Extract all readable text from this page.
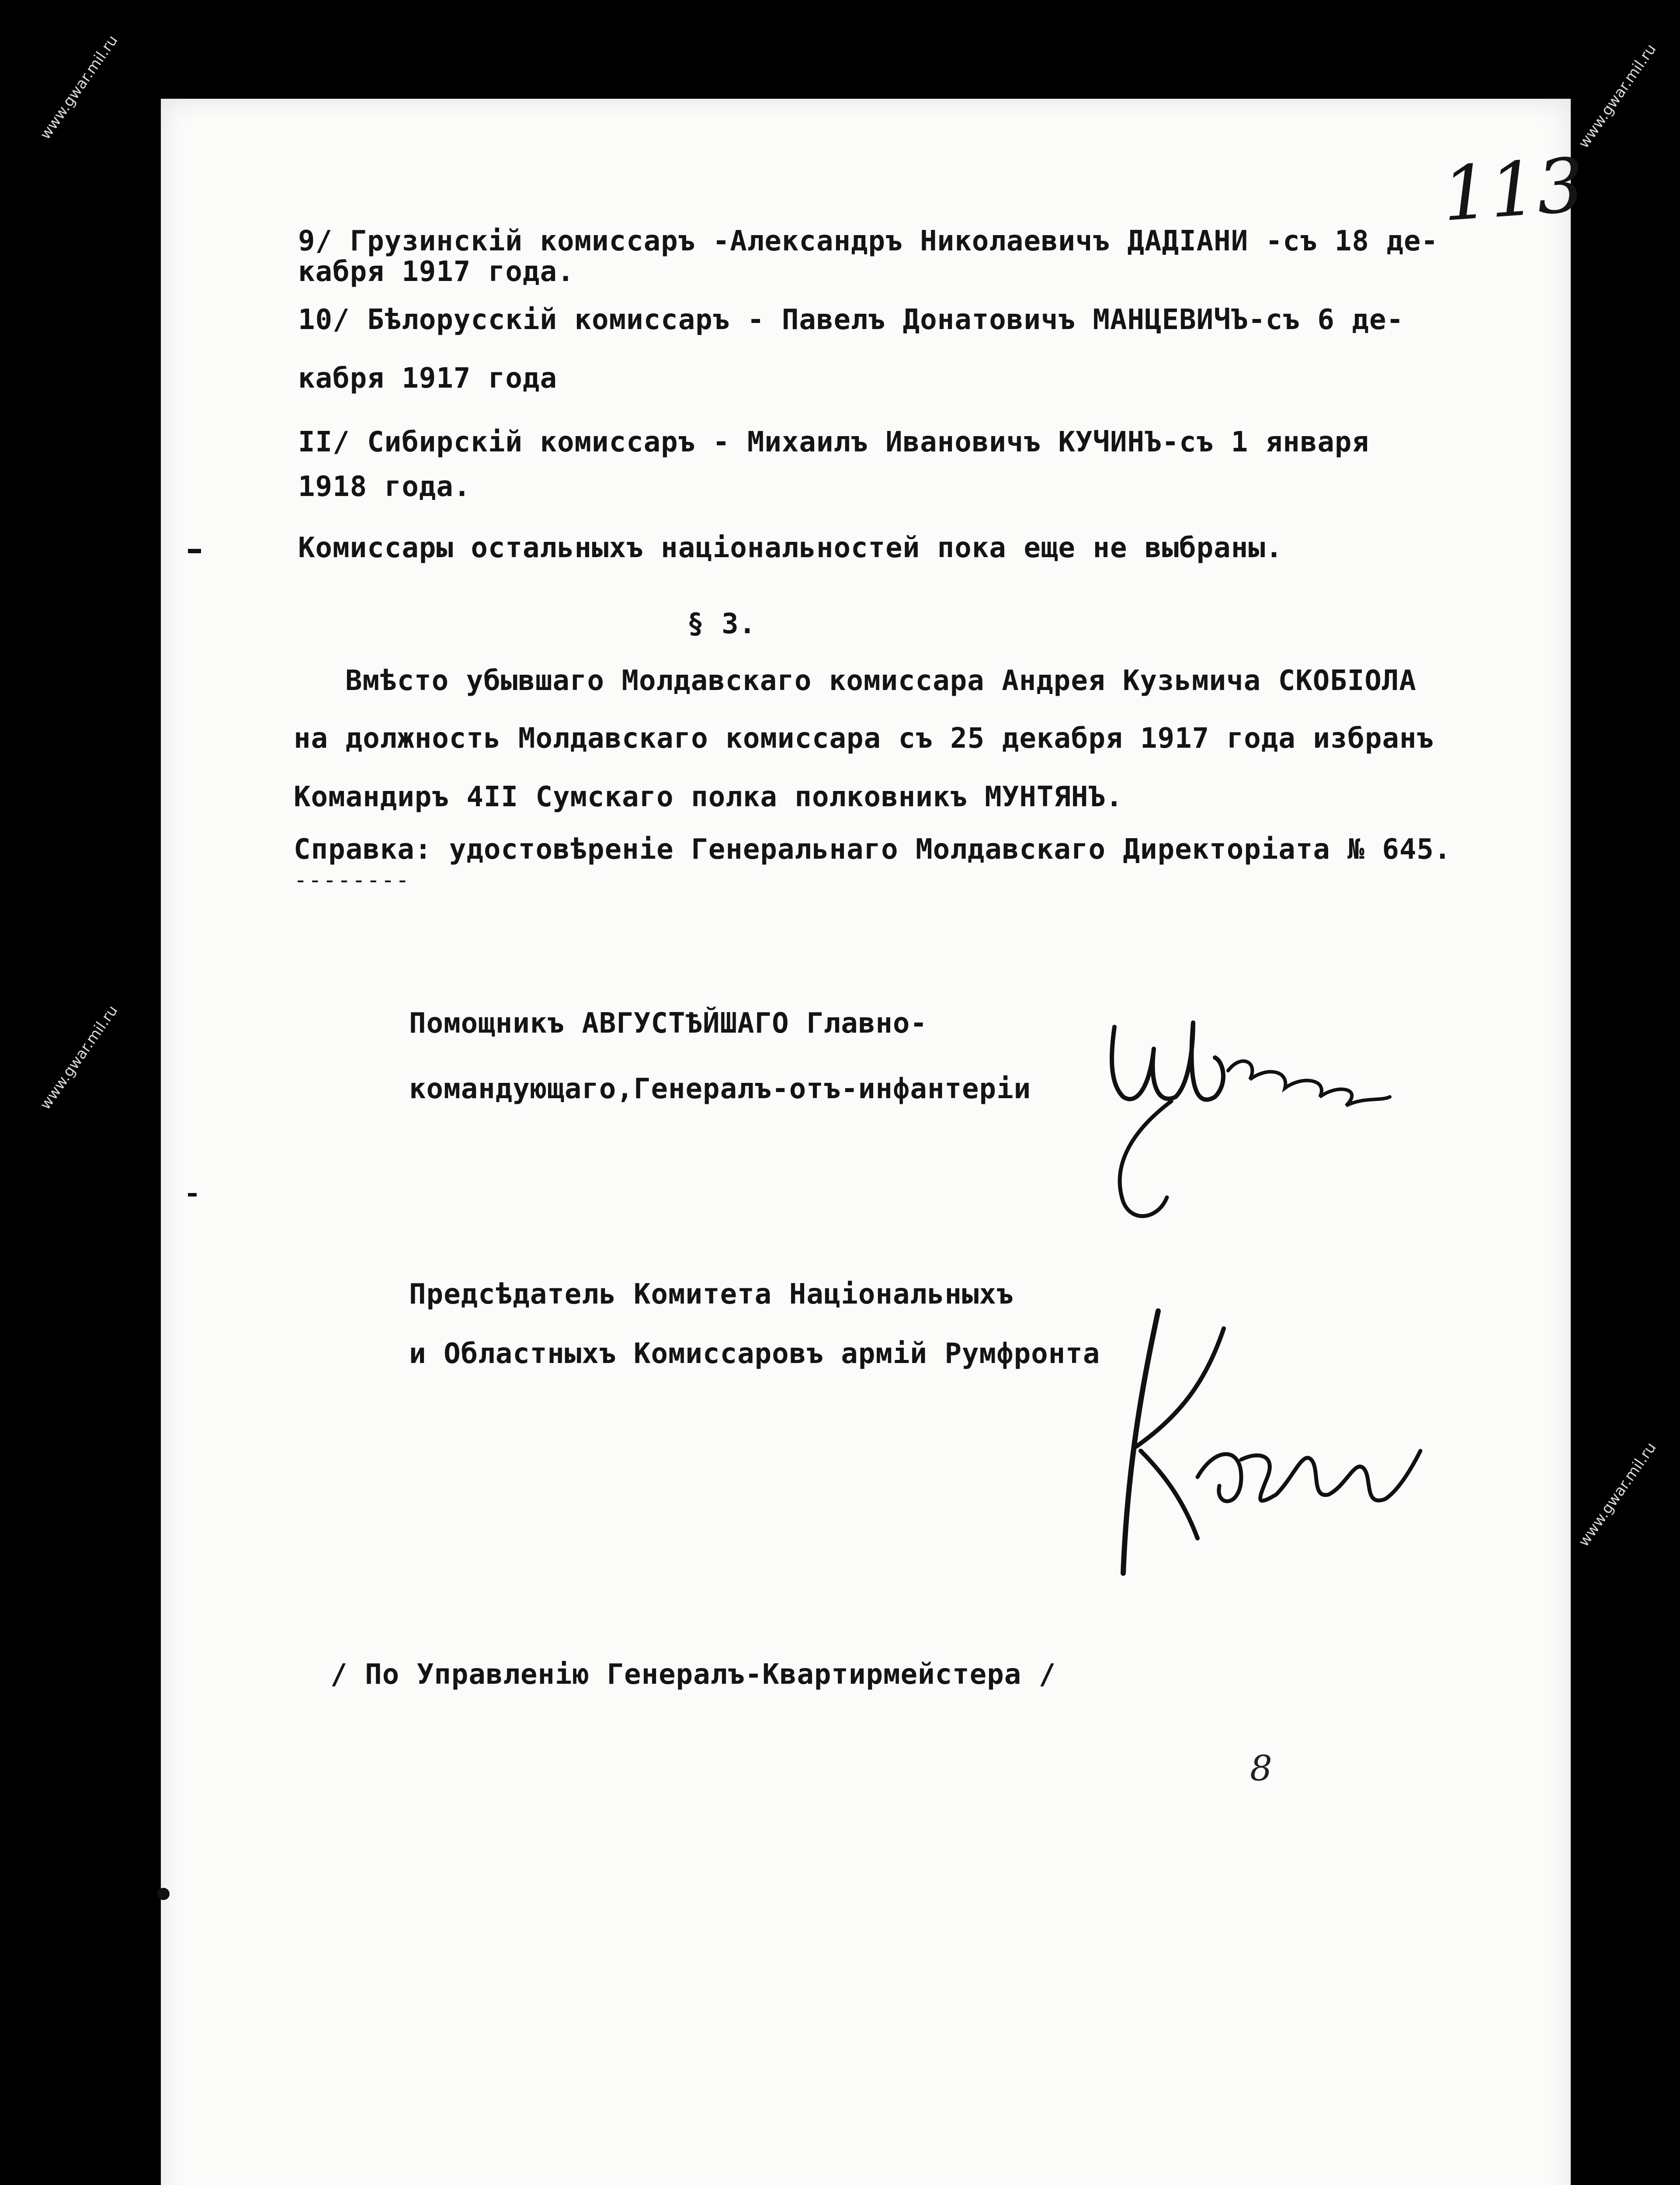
www.gwar.mil.ru
www.gwar.mil.ru
www.gwar.mil.ru
www.gwar.mil.ru
113
9/ Грузинскій комиссаръ -Александръ Николаевичъ ДАДІАНИ -съ 18 де-
кабря 1917 года.
10/ Бѣлорусскій комиссаръ - Павелъ Донатовичъ МАНЦЕВИЧЪ-съ 6 де-
кабря 1917 года
II/ Сибирскій комиссаръ - Михаилъ Ивановичъ КУЧИНЪ-съ 1 января
1918 года.
Комиссары остальныхъ національностей пока еще не выбраны.
§ 3.
Вмѣсто убывшаго Молдавскаго комиссара Андрея Кузьмича СКОБІОЛА
на должность Молдавскаго комиссара съ 25 декабря 1917 года избранъ
Командиръ 4II Сумскаго полка полковникъ МУНТЯНЪ.
Справка: удостовѣреніе Генеральнаго Молдавскаго Директоріата № 645.
--------
Помощникъ АВГУСТѢЙШАГО Главно-
командующаго,Генералъ-отъ-инфантеріи
Предсѣдатель Комитета Національныхъ
и Областныхъ Комиссаровъ армій Румфронта
/ По Управленію Генералъ-Квартирмейстера /
8
